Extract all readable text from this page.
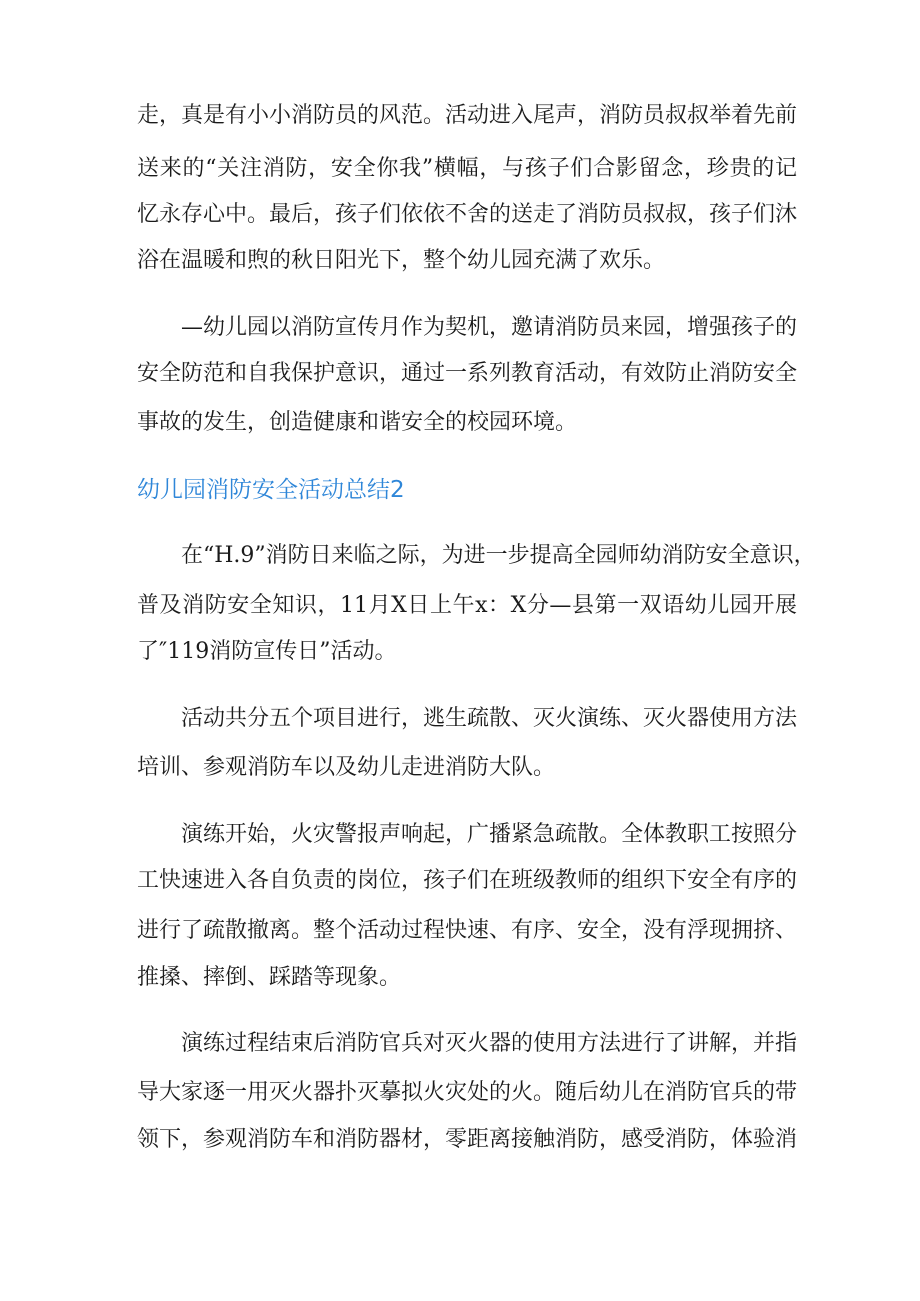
走，真是有小小消防员的风范。活动进入尾声，消防员叔叔举着先前
送来的“关注消防，安全你我”横幅，与孩子们合影留念，珍贵的记
忆永存心中。最后，孩子们依依不舍的送走了消防员叔叔，孩子们沐
浴在温暖和煦的秋日阳光下，整个幼儿园充满了欢乐。
—幼儿园以消防宣传月作为契机，邀请消防员来园，增强孩子的
安全防范和自我保护意识，通过一系列教育活动，有效防止消防安全
事故的发生，创造健康和谐安全的校园环境。
幼儿园消防安全活动总结2
在“H.9”消防日来临之际，为进一步提高全园师幼消防安全意识，
普及消防安全知识，11月X日上午x：X分—县第一双语幼儿园开展
了″119消防宣传日”活动。
活动共分五个项目进行，逃生疏散、灭火演练、灭火器使用方法
培训、参观消防车以及幼儿走进消防大队。
演练开始，火灾警报声响起，广播紧急疏散。全体教职工按照分
工快速进入各自负责的岗位，孩子们在班级教师的组织下安全有序的
进行了疏散撤离。整个活动过程快速、有序、安全，没有浮现拥挤、
推搡、摔倒、踩踏等现象。
演练过程结束后消防官兵对灭火器的使用方法进行了讲解，并指
导大家逐一用灭火器扑灭摹拟火灾处的火。随后幼儿在消防官兵的带
领下，参观消防车和消防器材，零距离接触消防，感受消防，体验消
